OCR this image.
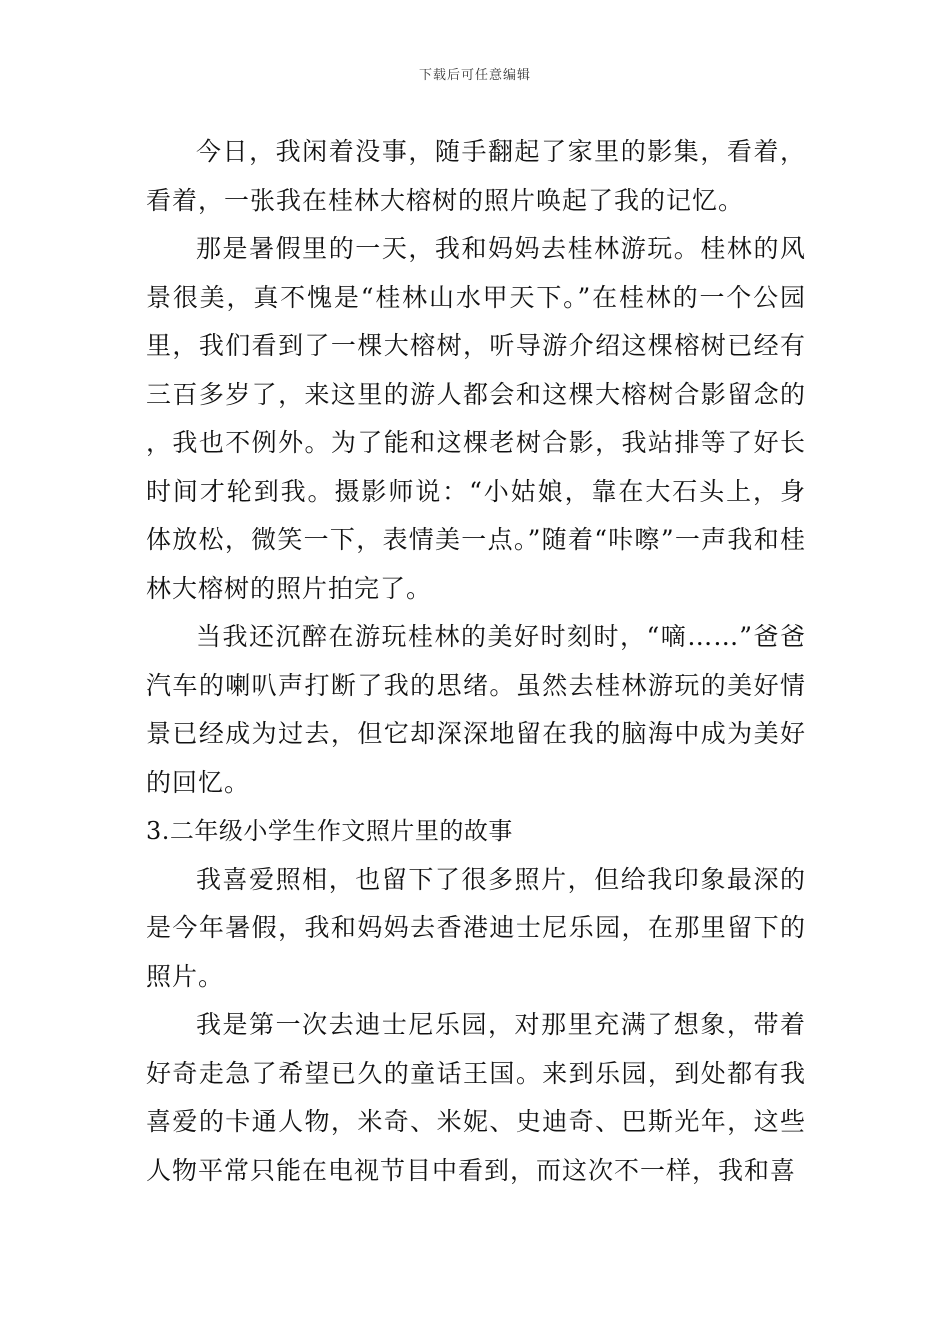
下载后可任意编辑

今日，我闲着没事，随手翻起了家里的影集，看着，看着，一张我在桂林大榕树的照片唤起了我的记忆。

那是暑假里的一天，我和妈妈去桂林游玩。桂林的风景很美，真不愧是“桂林山水甲天下。”在桂林的一个公园里，我们看到了一棵大榕树，听导游介绍这棵榕树已经有三百多岁了，来这里的游人都会和这棵大榕树合影留念的，我也不例外。为了能和这棵老树合影，我站排等了好长时间才轮到我。摄影师说：“小姑娘，靠在大石头上，身体放松，微笑一下，表情美一点。”随着“咔嚓”一声我和桂林大榕树的照片拍完了。

当我还沉醉在游玩桂林的美好时刻时，“嘀……”爸爸汽车的喇叭声打断了我的思绪。虽然去桂林游玩的美好情景已经成为过去，但它却深深地留在我的脑海中成为美好的回忆。

3.二年级小学生作文照片里的故事

我喜爱照相，也留下了很多照片，但给我印象最深的是今年暑假，我和妈妈去香港迪士尼乐园，在那里留下的照片。

我是第一次去迪士尼乐园，对那里充满了想象，带着好奇走急了希望已久的童话王国。来到乐园，到处都有我喜爱的卡通人物，米奇、米妮、史迪奇、巴斯光年，这些人物平常只能在电视节目中看到，而这次不一样，我和喜
